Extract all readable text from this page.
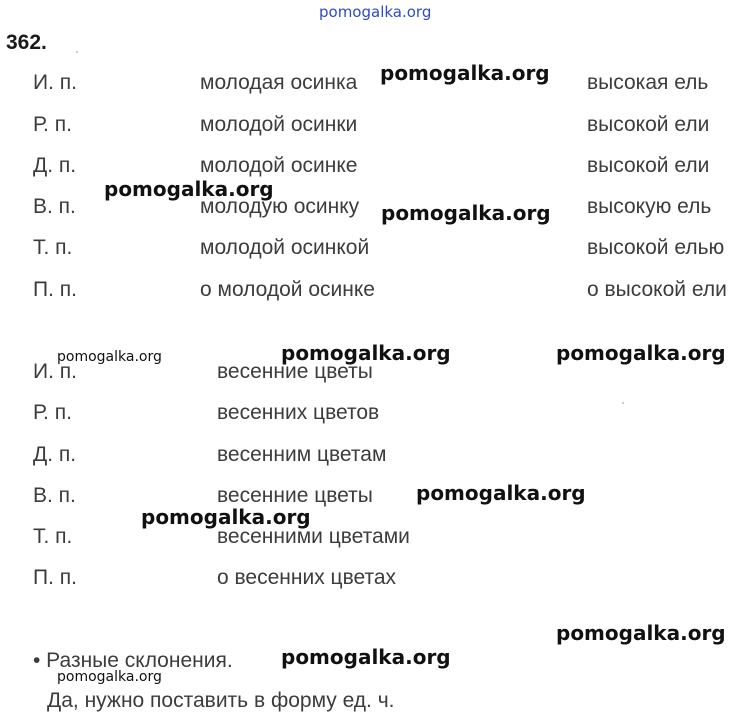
pomogalka.org
362.
И. п.	молодая осинка	высокая ель
Р. п.	молодой осинки	высокой ели
Д. п.	молодой осинке	высокой ели
В. п.	молодую осинку	высокую ель
Т. п.	молодой осинкой	высокой елью
П. п.	о молодой осинке	о высокой ели
И. п.	весенние цветы
Р. п.	весенних цветов
Д. п.	весенним цветам
В. п.	весенние цветы
Т. п.	весенними цветами
П. п.	о весенних цветах
• Разные склонения.
Да, нужно поставить в форму ед. ч.
pomogalka.org
pomogalka.org
pomogalka.org
pomogalka.org	pomogalka.org	pomogalka.org
pomogalka.org
pomogalka.org
pomogalka.org
pomogalka.org
pomogalka.org
